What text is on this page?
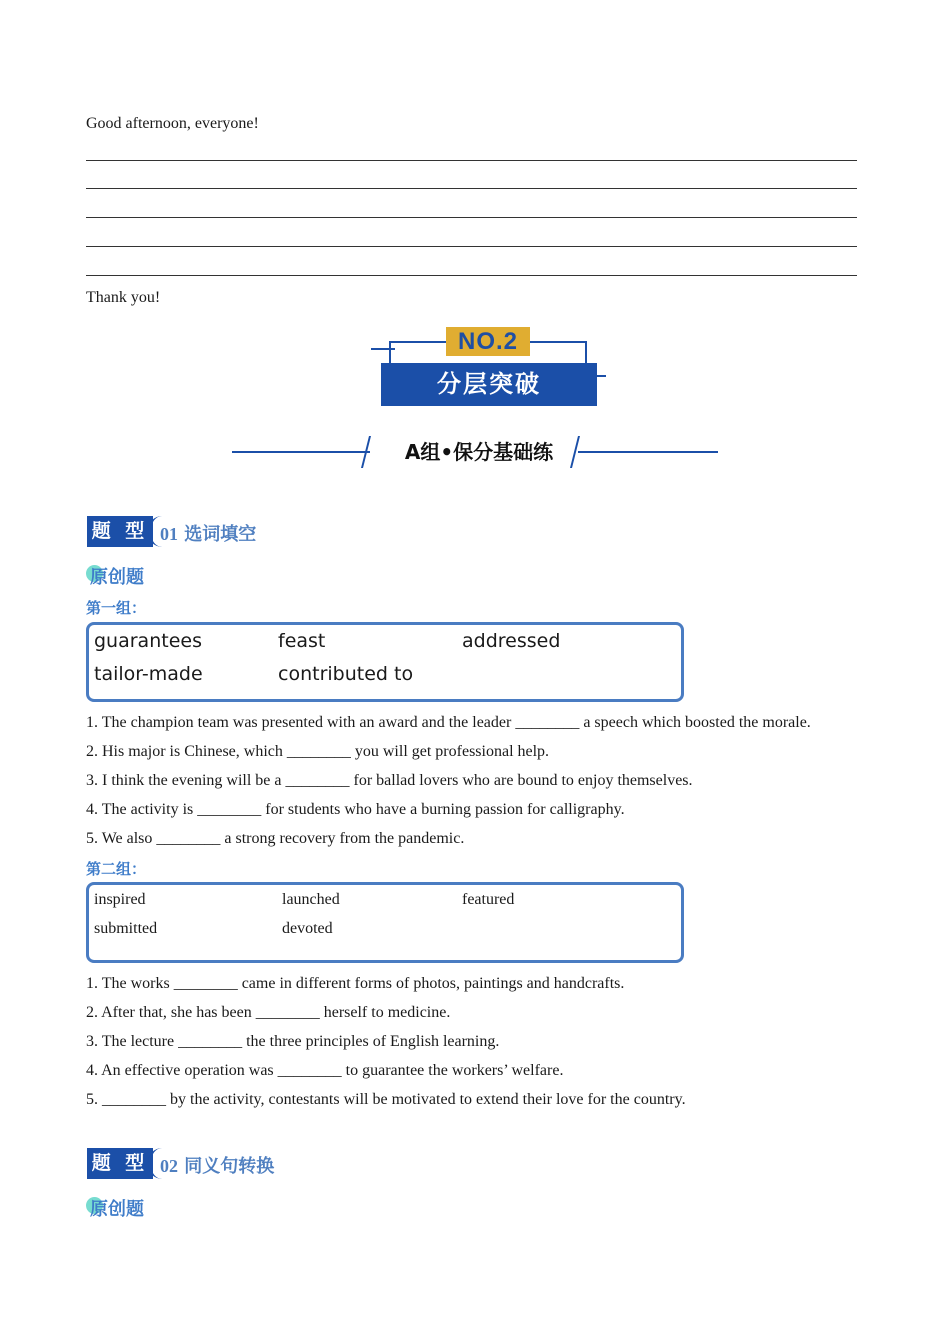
Good afternoon, everyone!
Thank you!
NO.2
分层突破
A组•保分基础练
题 型 01 选词填空
原创题
第一组：
guarantees	feast	addressed
tailor-made	contributed to
1. The champion team was presented with an award and the leader ________ a speech which boosted the morale.
2. His major is Chinese, which ________ you will get professional help.
3. I think the evening will be a ________ for ballad lovers who are bound to enjoy themselves.
4. The activity is ________ for students who have a burning passion for calligraphy.
5. We also ________ a strong recovery from the pandemic.
第二组：
inspired	launched	featured
submitted	devoted
1. The works ________ came in different forms of photos, paintings and handcrafts.
2. After that, she has been ________ herself to medicine.
3. The lecture ________ the three principles of English learning.
4. An effective operation was ________ to guarantee the workers’ welfare.
5. ________ by the activity, contestants will be motivated to extend their love for the country.
题 型 02 同义句转换
原创题
